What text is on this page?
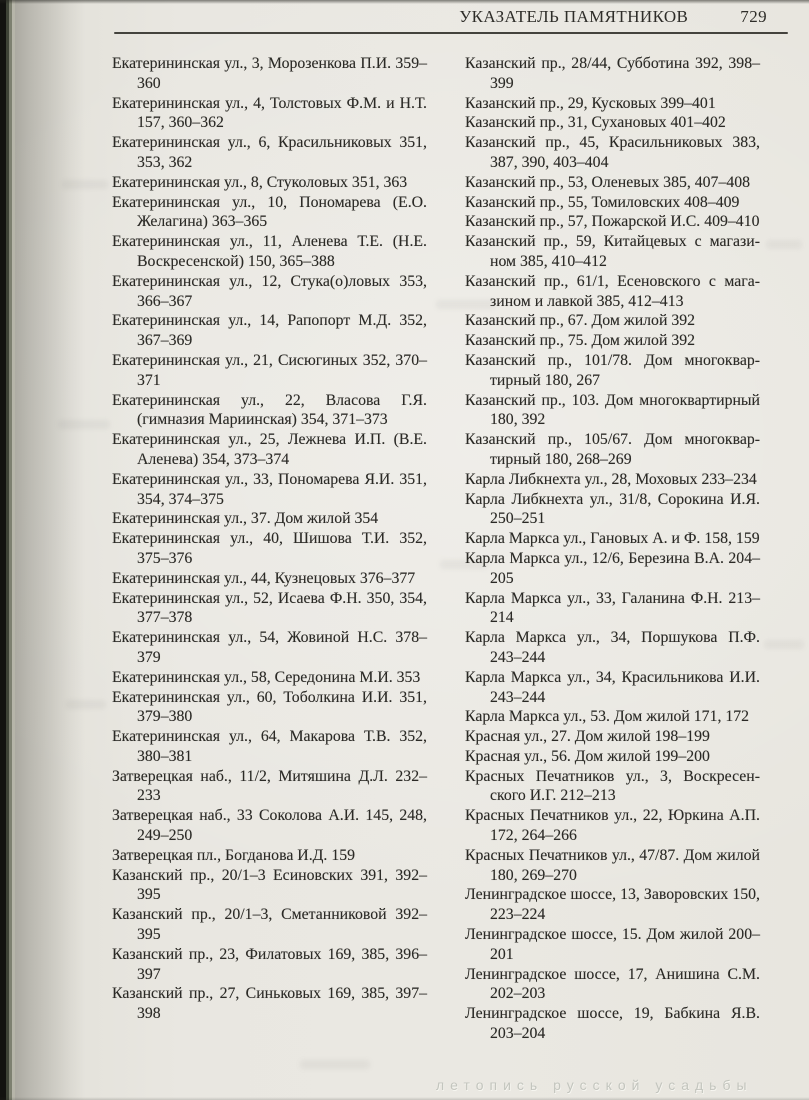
УКАЗАТЕЛЬ ПАМЯТНИКОВ	729
Екатерининская ул., 3, Морозенкова П.И. 359–360
Екатерининская ул., 4, Толстовых Ф.М. и Н.Т. 157, 360–362
Екатерининская ул., 6, Красильниковых 351, 353, 362
Екатерининская ул., 8, Стуколовых 351, 363
Екатерининская ул., 10, Пономарева (Е.О. Желагина) 363–365
Екатерининская ул., 11, Аленева Т.Е. (Н.Е. Воскресенской) 150, 365–388
Екатерининская ул., 12, Стука(о)ловых 353, 366–367
Екатерининская ул., 14, Рапопорт М.Д. 352, 367–369
Екатерининская ул., 21, Сисюгиных 352, 370–371
Екатерининская ул., 22, Власова Г.Я. (гимназия Мариинская) 354, 371–373
Екатерининская ул., 25, Лежнева И.П. (В.Е. Аленева) 354, 373–374
Екатерининская ул., 33, Пономарева Я.И. 351, 354, 374–375
Екатерининская ул., 37. Дом жилой 354
Екатерининская ул., 40, Шишова Т.И. 352, 375–376
Екатерининская ул., 44, Кузнецовых 376–377
Екатерининская ул., 52, Исаева Ф.Н. 350, 354, 377–378
Екатерининская ул., 54, Жовиной Н.С. 378–379
Екатерининская ул., 58, Середонина М.И. 353
Екатерининская ул., 60, Тоболкина И.И. 351, 379–380
Екатерининская ул., 64, Макарова Т.В. 352, 380–381
Затверецкая наб., 11/2, Митяшина Д.Л. 232–233
Затверецкая наб., 33 Соколова А.И. 145, 248, 249–250
Затверецкая пл., Богданова И.Д. 159
Казанский пр., 20/1–3 Есиновских 391, 392–395
Казанский пр., 20/1–3, Сметанниковой 392–395
Казанский пр., 23, Филатовых 169, 385, 396–397
Казанский пр., 27, Синьковых 169, 385, 397–398
Казанский пр., 28/44, Субботина 392, 398–399
Казанский пр., 29, Кусковых 399–401
Казанский пр., 31, Сухановых 401–402
Казанский пр., 45, Красильниковых 383, 387, 390, 403–404
Казанский пр., 53, Оленевых 385, 407–408
Казанский пр., 55, Томиловских 408–409
Казанский пр., 57, Пожарской И.С. 409–410
Казанский пр., 59, Китайцевых с магазином 385, 410–412
Казанский пр., 61/1, Есеновского с магазином и лавкой 385, 412–413
Казанский пр., 67. Дом жилой 392
Казанский пр., 75. Дом жилой 392
Казанский пр., 101/78. Дом многоквартирный 180, 267
Казанский пр., 103. Дом многоквартирный 180, 392
Казанский пр., 105/67. Дом многоквартирный 180, 268–269
Карла Либкнехта ул., 28, Моховых 233–234
Карла Либкнехта ул., 31/8, Сорокина И.Я. 250–251
Карла Маркса ул., Гановых А. и Ф. 158, 159
Карла Маркса ул., 12/6, Березина В.А. 204–205
Карла Маркса ул., 33, Галанина Ф.Н. 213–214
Карла Маркса ул., 34, Поршукова П.Ф. 243–244
Карла Маркса ул., 34, Красильникова И.И. 243–244
Карла Маркса ул., 53. Дом жилой 171, 172
Красная ул., 27. Дом жилой 198–199
Красная ул., 56. Дом жилой 199–200
Красных Печатников ул., 3, Воскресенского И.Г. 212–213
Красных Печатников ул., 22, Юркина А.П. 172, 264–266
Красных Печатников ул., 47/87. Дом жилой 180, 269–270
Ленинградское шоссе, 13, Заворовских 150, 223–224
Ленинградское шоссе, 15. Дом жилой 200–201
Ленинградское шоссе, 17, Анишина С.М. 202–203
Ленинградское шоссе, 19, Бабкина Я.В. 203–204
летопись русской усадьбы
